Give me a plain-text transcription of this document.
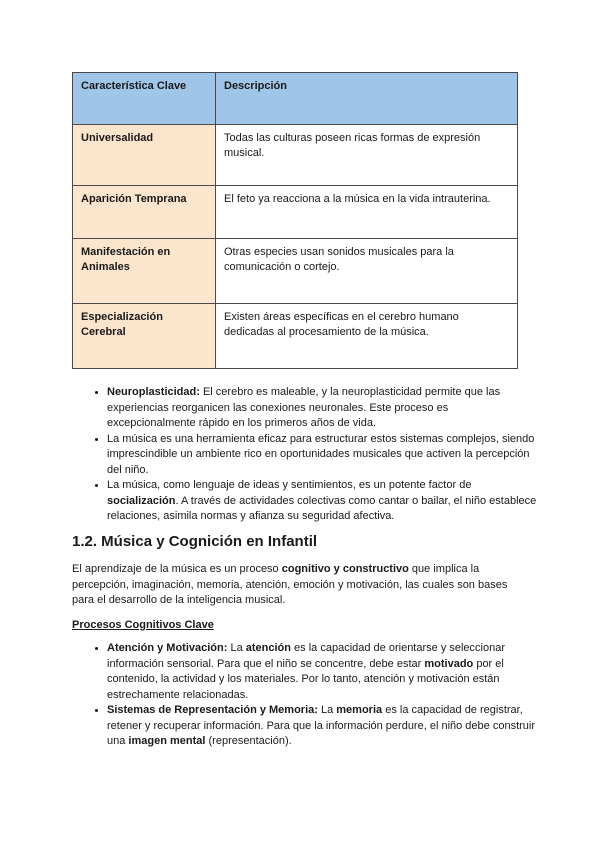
Característica Clave	Descripción
Universalidad	Todas las culturas poseen ricas formas de expresión musical.
Aparición Temprana	El feto ya reacciona a la música en la vida intrauterina.
Manifestación en Animales	Otras especies usan sonidos musicales para la comunicación o cortejo.
Especialización Cerebral	Existen áreas específicas en el cerebro humano dedicadas al procesamiento de la música.
• Neuroplasticidad: El cerebro es maleable, y la neuroplasticidad permite que las experiencias reorganicen las conexiones neuronales. Este proceso es excepcionalmente rápido en los primeros años de vida.
• La música es una herramienta eficaz para estructurar estos sistemas complejos, siendo imprescindible un ambiente rico en oportunidades musicales que activen la percepción del niño.
• La música, como lenguaje de ideas y sentimientos, es un potente factor de socialización. A través de actividades colectivas como cantar o bailar, el niño establece relaciones, asimila normas y afianza su seguridad afectiva.
1.2. Música y Cognición en Infantil

El aprendizaje de la música es un proceso cognitivo y constructivo que implica la percepción, imaginación, memoria, atención, emoción y motivación, las cuales son bases para el desarrollo de la inteligencia musical.

Procesos Cognitivos Clave
• Atención y Motivación: La atención es la capacidad de orientarse y seleccionar información sensorial. Para que el niño se concentre, debe estar motivado por el contenido, la actividad y los materiales. Por lo tanto, atención y motivación están estrechamente relacionadas.
• Sistemas de Representación y Memoria: La memoria es la capacidad de registrar, retener y recuperar información. Para que la información perdure, el niño debe construir una imagen mental (representación).
